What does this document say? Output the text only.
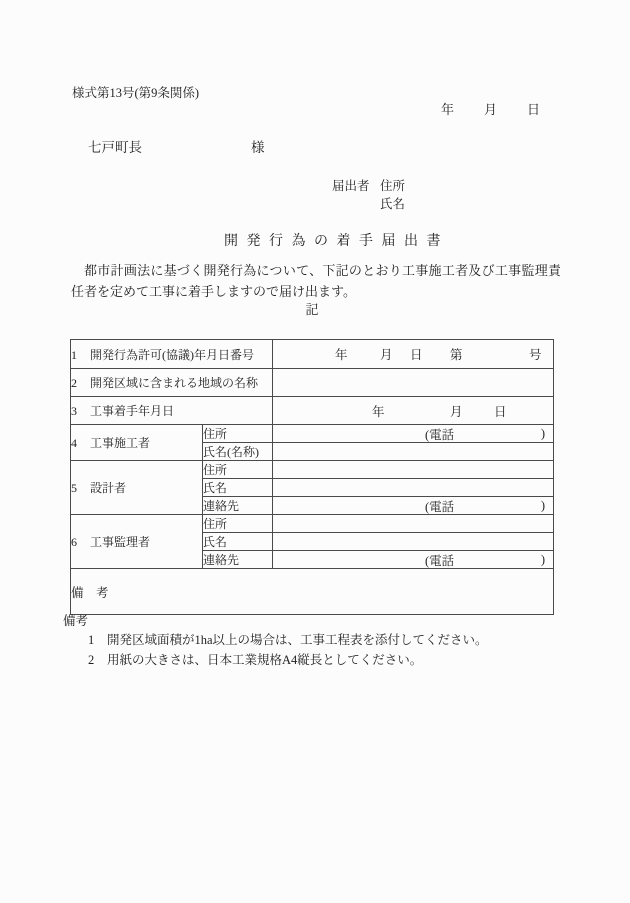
様式第13号(第9条関係)
年 月 日
七戸町長	様
届出者 住所
氏名
開発行為の着手届出書
都市計画法に基づく開発行為について、下記のとおり工事施工者及び工事監理責任者を定めて工事に着手しますので届け出ます。
記
1 開発行為許可(協議)年月日番号		年 月 日 第 号

2 開発区域に含まれる地域の名称		
3 工事着手年月日		年 月 日

4 工事施工者	住所	(電話 )

	氏名(名称)	
5 設計者	住所	
	氏名	
	連絡先	(電話 )

6 工事監理者	住所	
	氏名	
	連絡先	(電話 )

備　考		
備考
1 開発区域面積が1ha以上の場合は、工事工程表を添付してください。
2 用紙の大きさは、日本工業規格A4縦長としてください。
